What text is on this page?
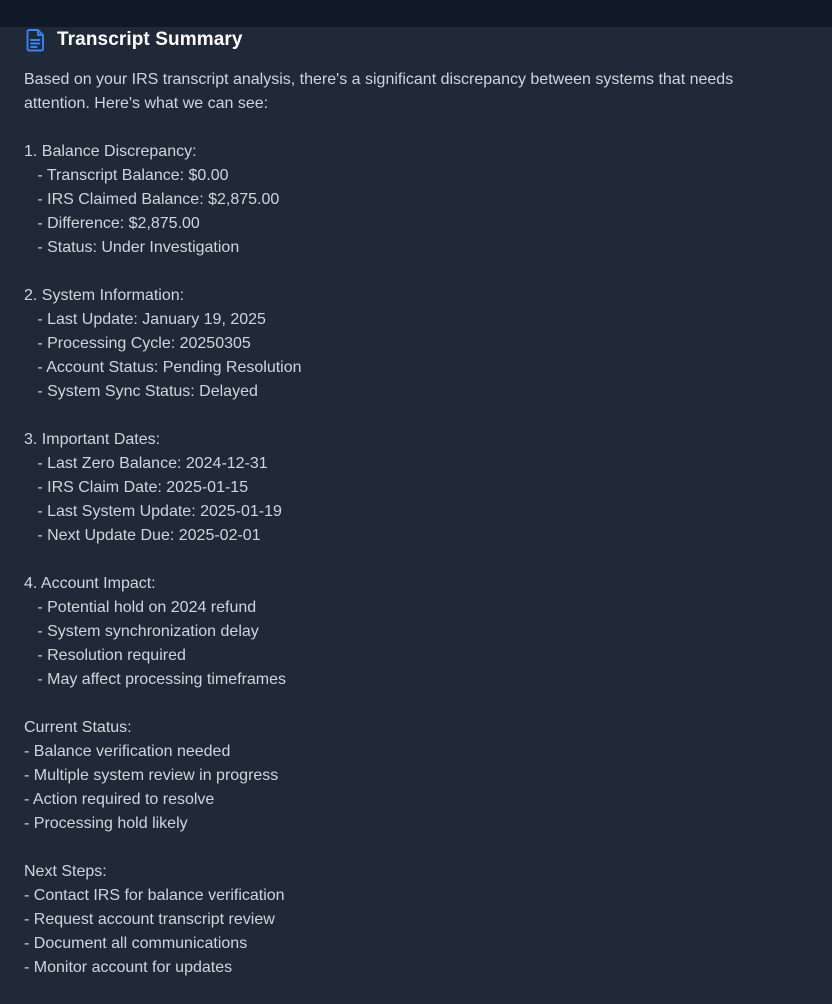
Transcript Summary
Based on your IRS transcript analysis, there's a significant discrepancy between systems that needs
attention. Here's what we can see:
1. Balance Discrepancy:
- Transcript Balance: $0.00
- IRS Claimed Balance: $2,875.00
- Difference: $2,875.00
- Status: Under Investigation
2. System Information:
- Last Update: January 19, 2025
- Processing Cycle: 20250305
- Account Status: Pending Resolution
- System Sync Status: Delayed
3. Important Dates:
- Last Zero Balance: 2024-12-31
- IRS Claim Date: 2025-01-15
- Last System Update: 2025-01-19
- Next Update Due: 2025-02-01
4. Account Impact:
- Potential hold on 2024 refund
- System synchronization delay
- Resolution required
- May affect processing timeframes
Current Status:
- Balance verification needed
- Multiple system review in progress
- Action required to resolve
- Processing hold likely
Next Steps:
- Contact IRS for balance verification
- Request account transcript review
- Document all communications
- Monitor account for updates
